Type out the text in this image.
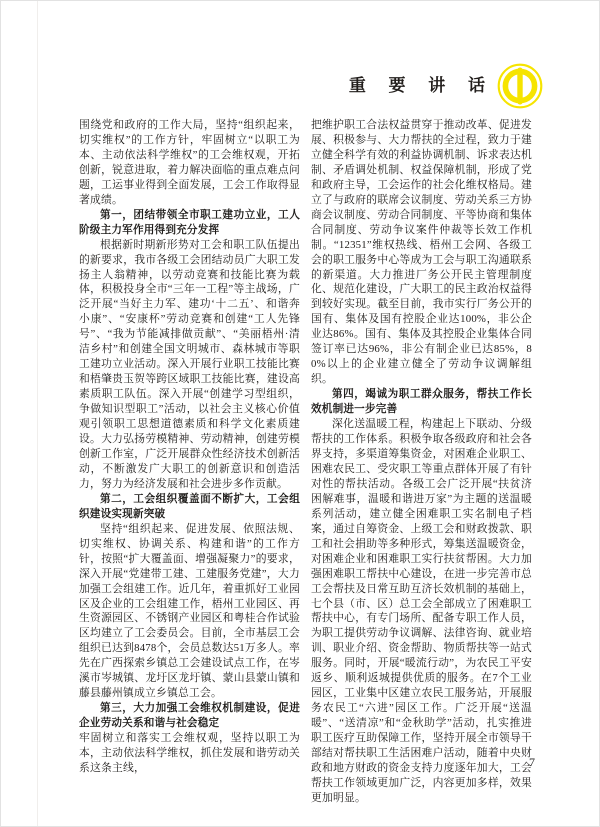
重 要 讲 话

围绕党和政府的工作大局，坚持“组织起来，切实维权”的工作方针，牢固树立“以职工为本、主动依法科学维权”的工会维权观，开拓创新，锐意进取，着力解决面临的重点难点问题，工运事业得到全面发展，工会工作取得显著成绩。

第一，团结带领全市职工建功立业，工人阶级主力军作用得到充分发挥

根据新时期新形势对工会和职工队伍提出的新要求，我市各级工会团结动员广大职工发扬主人翁精神，以劳动竞赛和技能比赛为载体，积极投身全市“三年一工程”等主战场，广泛开展“当好主力军、建功‘十二五’、和谐奔小康”、“安康杯”劳动竞赛和创建“工人先锋号”、“我为节能减排做贡献”、“美丽梧州·清洁乡村”和创建全国文明城市、森林城市等职工建功立业活动。深入开展行业职工技能比赛和梧肇贵玉贺等跨区域职工技能比赛，建设高素质职工队伍。深入开展“创建学习型组织，争做知识型职工”活动，以社会主义核心价值观引领职工思想道德素质和科学文化素质建设。大力弘扬劳模精神、劳动精神，创建劳模创新工作室，广泛开展群众性经济技术创新活动，不断激发广大职工的创新意识和创造活力，努力为经济发展和社会进步多作贡献。

第二，工会组织覆盖面不断扩大，工会组织建设实现新突破

坚持“组织起来、促进发展、依照法规、切实维权、协调关系、构建和谐”的工作方针，按照“扩大覆盖面、增强凝聚力”的要求，深入开展“党建带工建、工建服务党建”，大力加强工会组建工作。近几年，着重抓好工业园区及企业的工会组建工作，梧州工业园区、再生资源园区、不锈钢产业园区和粤桂合作试验区均建立了工会委员会。目前，全市基层工会组织已达到8478个，会员总数达51万多人。率先在广西探索乡镇总工会建设试点工作，在岑溪市岑城镇、龙圩区龙圩镇、蒙山县蒙山镇和藤县藤州镇成立乡镇总工会。

第三，大力加强工会维权机制建设，促进企业劳动关系和谐与社会稳定

牢固树立和落实工会维权观，坚持以职工为本，主动依法科学维权，抓住发展和谐劳动关系这条主线，

把维护职工合法权益贯穿于推动改革、促进发展、积极参与、大力帮扶的全过程，致力于建立健全科学有效的利益协调机制、诉求表达机制、矛盾调处机制、权益保障机制，形成了党和政府主导，工会运作的社会化维权格局。建立了与政府的联席会议制度、劳动关系三方协商会议制度、劳动合同制度、平等协商和集体合同制度、劳动争议案件仲裁等长效工作机制。“12351”维权热线、梧州工会网、各级工会的职工服务中心等成为工会与职工沟通联系的新渠道。大力推进厂务公开民主管理制度化、规范化建设，广大职工的民主政治权益得到较好实现。截至目前，我市实行厂务公开的国有、集体及国有控股企业达100%，非公企业达86%。国有、集体及其控股企业集体合同签订率已达96%，非公有制企业已达85%，80%以上的企业建立健全了劳动争议调解组织。

第四，竭诚为职工群众服务，帮扶工作长效机制进一步完善

深化送温暖工程，构建起上下联动、分级帮扶的工作体系。积极争取各级政府和社会各界支持，多渠道筹集资金，对困难企业职工、困难农民工、受灾职工等重点群体开展了有针对性的帮扶活动。各级工会广泛开展“扶贫济困解难事，温暖和谐进万家”为主题的送温暖系列活动，建立健全困难职工实名制电子档案，通过自筹资金、上级工会和财政拨款、职工和社会捐助等多种形式，筹集送温暖资金，对困难企业和困难职工实行扶贫帮困。大力加强困难职工帮扶中心建设，在进一步完善市总工会帮扶及日常互助互济长效机制的基础上，七个县（市、区）总工会全部成立了困难职工帮扶中心，有专门场所、配备专职工作人员，为职工提供劳动争议调解、法律咨询、就业培训、职业介绍、资金帮助、物质帮扶等一站式服务。同时，开展“暖流行动”，为农民工平安返乡、顺利返城提供优质的服务。在7个工业园区，工业集中区建立农民工服务站，开展服务农民工“六进”园区工作。广泛开展“送温暖”、“送清凉”和“金秋助学”活动，扎实推进职工医疗互助保障工作，坚持开展全市领导干部结对帮扶职工生活困难户活动，随着中央财政和地方财政的资金支持力度逐年加大，工会帮扶工作领域更加广泛，内容更加多样，效果更加明显。

7
